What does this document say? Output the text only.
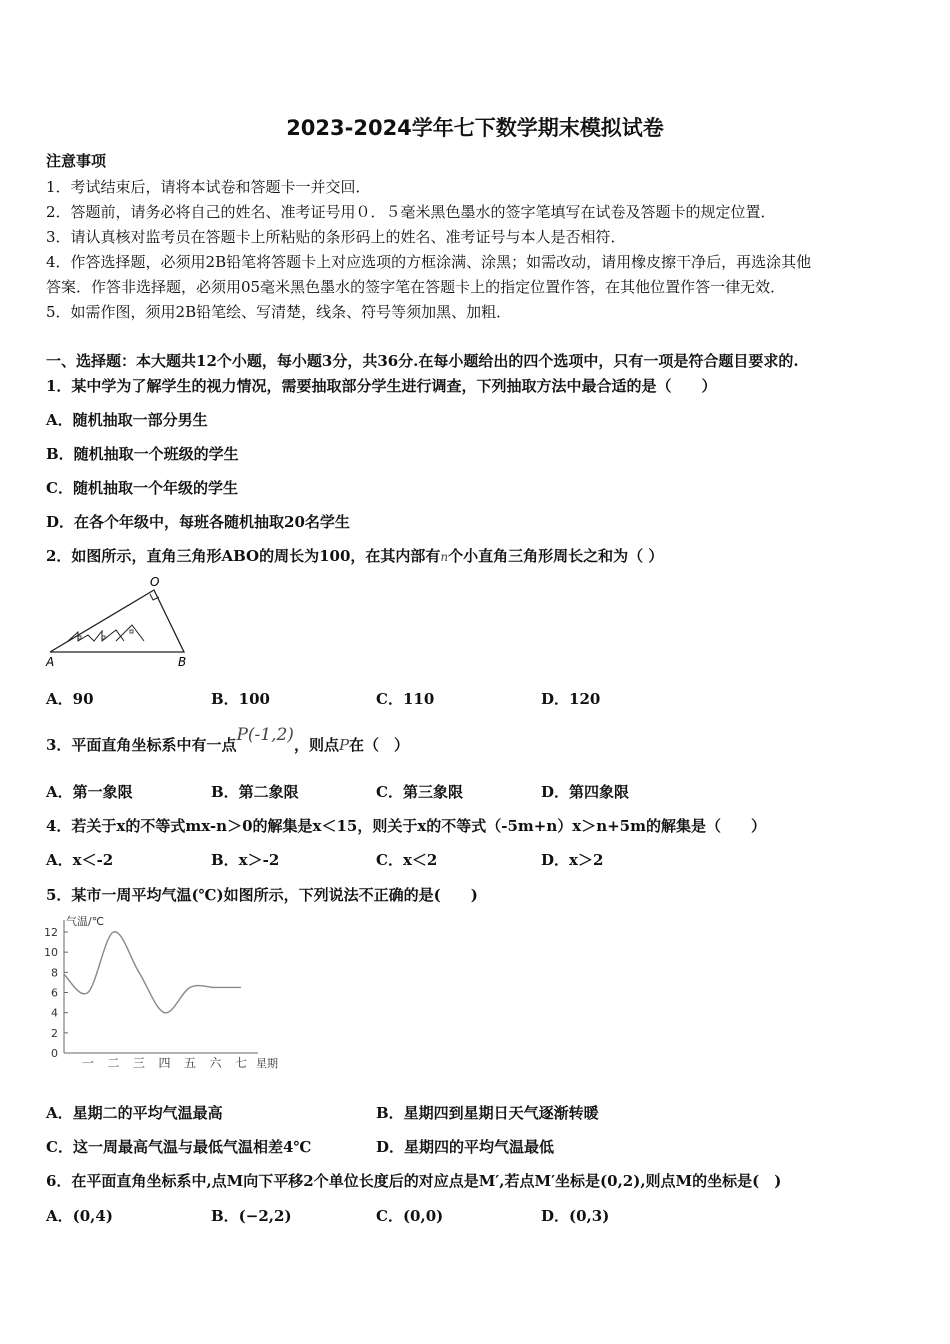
2023-2024学年七下数学期末模拟试卷
注意事项
1．考试结束后，请将本试卷和答题卡一并交回．
2．答题前，请务必将自己的姓名、准考证号用０．５毫米黑色墨水的签字笔填写在试卷及答题卡的规定位置．
3．请认真核对监考员在答题卡上所粘贴的条形码上的姓名、准考证号与本人是否相符．
4．作答选择题，必须用2B铅笔将答题卡上对应选项的方框涂满、涂黑；如需改动，请用橡皮擦干净后，再选涂其他
答案．作答非选择题，必须用05毫米黑色墨水的签字笔在答题卡上的指定位置作答，在其他位置作答一律无效．
5．如需作图，须用2B铅笔绘、写清楚，线条、符号等须加黑、加粗．
一、选择题：本大题共12个小题，每小题3分，共36分.在每小题给出的四个选项中，只有一项是符合题目要求的.
1．某中学为了解学生的视力情况，需要抽取部分学生进行调查，下列抽取方法中最合适的是（　　）
A．随机抽取一部分男生
B．随机抽取一个班级的学生
C．随机抽取一个年级的学生
D．在各个年级中，每班各随机抽取20名学生
2．如图所示，直角三角形ABO的周长为100，在其内部有n个小直角三角形周长之和为（ ）
O
A	B
A．90	B．100	C．110	D．120
3．平面直角坐标系中有一点P(-1,2)，则点P在（　）
A．第一象限	B．第二象限	C．第三象限	D．第四象限
4．若关于x的不等式mx-n＞0的解集是x＜15，则关于x的不等式（-5m+n）x＞n+5m的解集是（　　）
A．x＜-2	B．x＞-2	C．x＜2	D．x＞2
5．某市一周平均气温(℃)如图所示，下列说法不正确的是(　　)
气温/℃
星期
0
2
4
6
8
10
12
一 二 三 四 五 六 七
A．星期二的平均气温最高	B．星期四到星期日天气逐渐转暖
C．这一周最高气温与最低气温相差4℃	D．星期四的平均气温最低
6．在平面直角坐标系中,点M向下平移2个单位长度后的对应点是M′,若点M′坐标是(0,2),则点M的坐标是(　)
A．(0,4)	B．(−2,2)	C．(0,0)	D．(0,3)
